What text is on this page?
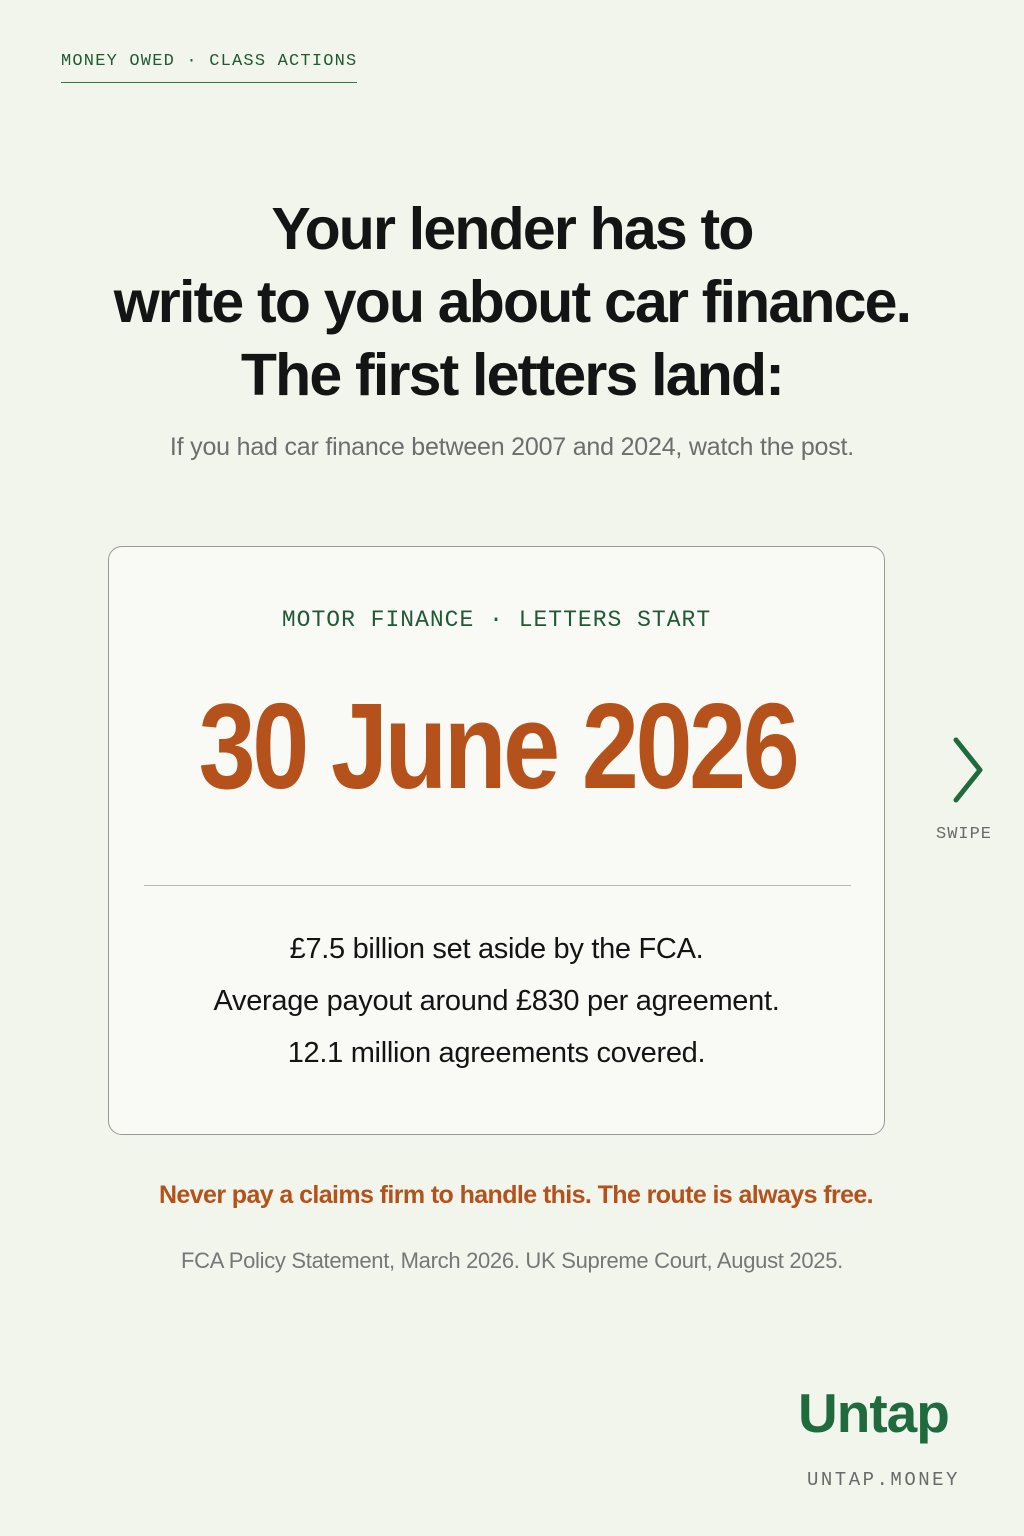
MONEY OWED · CLASS ACTIONS
Your lender has to
write to you about car finance.
The first letters land:
If you had car finance between 2007 and 2024, watch the post.
MOTOR FINANCE · LETTERS START
30 June 2026
£7.5 billion set aside by the FCA.
Average payout around £830 per agreement.
12.1 million agreements covered.
SWIPE
Never pay a claims firm to handle this. The route is always free.
FCA Policy Statement, March 2026. UK Supreme Court, August 2025.
Untap
UNTAP.MONEY
